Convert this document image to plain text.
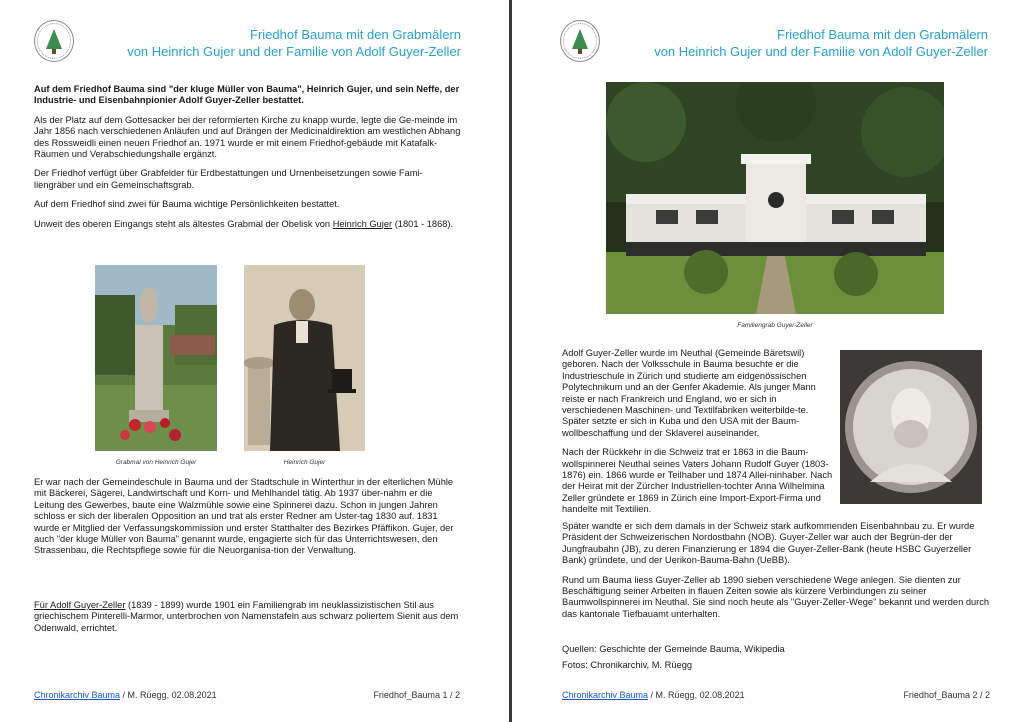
Friedhof Bauma mit den Grabmälern
von Heinrich Gujer und der Familie von Adolf Guyer-Zeller

Auf dem Friedhof Bauma sind "der kluge Müller von Bauma", Heinrich Gujer, und sein Neffe, der Industrie- und Eisenbahnpionier Adolf Guyer-Zeller bestattet.

Als der Platz auf dem Gottesacker bei der reformierten Kirche zu knapp wurde, legte die Ge-meinde im Jahr 1856 nach verschiedenen Anläufen und auf Drängen der Medicinaldirektion am westlichen Abhang des Rossweidli einen neuen Friedhof an. 1971 wurde er mit einem Friedhof-gebäude mit Katafalk-Räumen und Verabschiedungshalle ergänzt.

Der Friedhof verfügt über Grabfelder für Erdbestattungen und Urnenbeisetzungen sowie Fami-liengräber und ein Gemeinschaftsgrab.

Auf dem Friedhof sind zwei für Bauma wichtige Persönlichkeiten bestattet.

Unweit des oberen Eingangs steht als ältestes Grabmal der Obelisk von Heinrich Gujer (1801 - 1868).

Grabmal von Heinrich Gujer	Heinrich Gujer

Er war nach der Gemeindeschule in Bauma und der Stadtschule in Winterthur in der elterlichen Mühle mit Bäckerei, Sägerei, Landwirtschaft und Korn- und Mehlhandel tätig. Ab 1937 über-nahm er die Leitung des Gewerbes, baute eine Walzmühle sowie eine Spinnerei dazu. Schon in jungen Jahren schloss er sich der liberalen Opposition an und trat als erster Redner am Uster-tag 1830 auf. 1831 wurde er Mitglied der Verfassungskommission und erster Statthalter des Bezirkes Pfäffikon. Gujer, der auch "der kluge Müller von Bauma" genannt wurde, engagierte sich für das Unterrichtswesen, den Strassenbau, die Rechtspflege sowie für die Neuorganisa-tion der Verwaltung.

Für Adolf Guyer-Zeller (1839 - 1899) wurde 1901 ein Familiengrab im neuklassizistischen Stil aus griechischem Pinterelli-Marmor, unterbrochen von Namenstafeln aus schwarz poliertem Sienit aus dem Odenwald, errichtet.

Chronikarchiv Bauma / M. Rüegg, 02.08.2021	Friedhof_Bauma 1 / 2
Friedhof Bauma mit den Grabmälern
von Heinrich Gujer und der Familie von Adolf Guyer-Zeller
Familiengrab Guyer-Zeller

Adolf Guyer-Zeller wurde im Neuthal (Gemeinde Bäretswil) geboren. Nach der Volksschule in Bauma besuchte er die Industrieschule in Zürich und studierte am eidgenössischen Polytechnikum und an der Genfer Akademie. Als junger Mann reiste er nach Frankreich und England, wo er sich in verschiedenen Maschinen- und Textilfabriken weiterbilde-te. Später setzte er sich in Kuba und den USA mit der Baum-wollbeschaffung und der Sklaverei auseinander.

Nach der Rückkehr in die Schweiz trat er 1863 in die Baum-wollspinnerei Neuthal seines Vaters Johann Rudolf Guyer (1803-1876) ein. 1866 wurde er Teilhaber und 1874 Allei-ninhaber. Nach der Heirat mit der Zürcher Industriellen-tochter Anna Wilhelmina Zeller gründete er 1869 in Zürich eine Import-Export-Firma und handelte mit Textilien.

Später wandte er sich dem damals in der Schweiz stark aufkommenden Eisenbahnbau zu. Er wurde Präsident der Schweizerischen Nordostbahn (NOB). Guyer-Zeller war auch der Begrün-der der Jungfraubahn (JB), zu deren Finanzierung er 1894 die Guyer-Zeller-Bank (heute HSBC Guyerzeller Bank) gründete, und der Uerikon-Bauma-Bahn (UeBB).

Rund um Bauma liess Guyer-Zeller ab 1890 sieben verschiedene Wege anlegen. Sie dienten zur Beschäftigung seiner Arbeiten in flauen Zeiten sowie als kürzere Verbindungen zu seiner Baumwollspinnerei im Neuthal. Sie sind noch heute als "Guyer-Zeller-Wege" bekannt und werden durch das kantonale Tiefbauamt unterhalten.

Quellen: Geschichte der Gemeinde Bauma, Wikipedia

Fotos: Chronikarchiv, M. Rüegg

Chronikarchiv Bauma / M. Rüegg, 02.08.2021	Friedhof_Bauma 2 / 2
